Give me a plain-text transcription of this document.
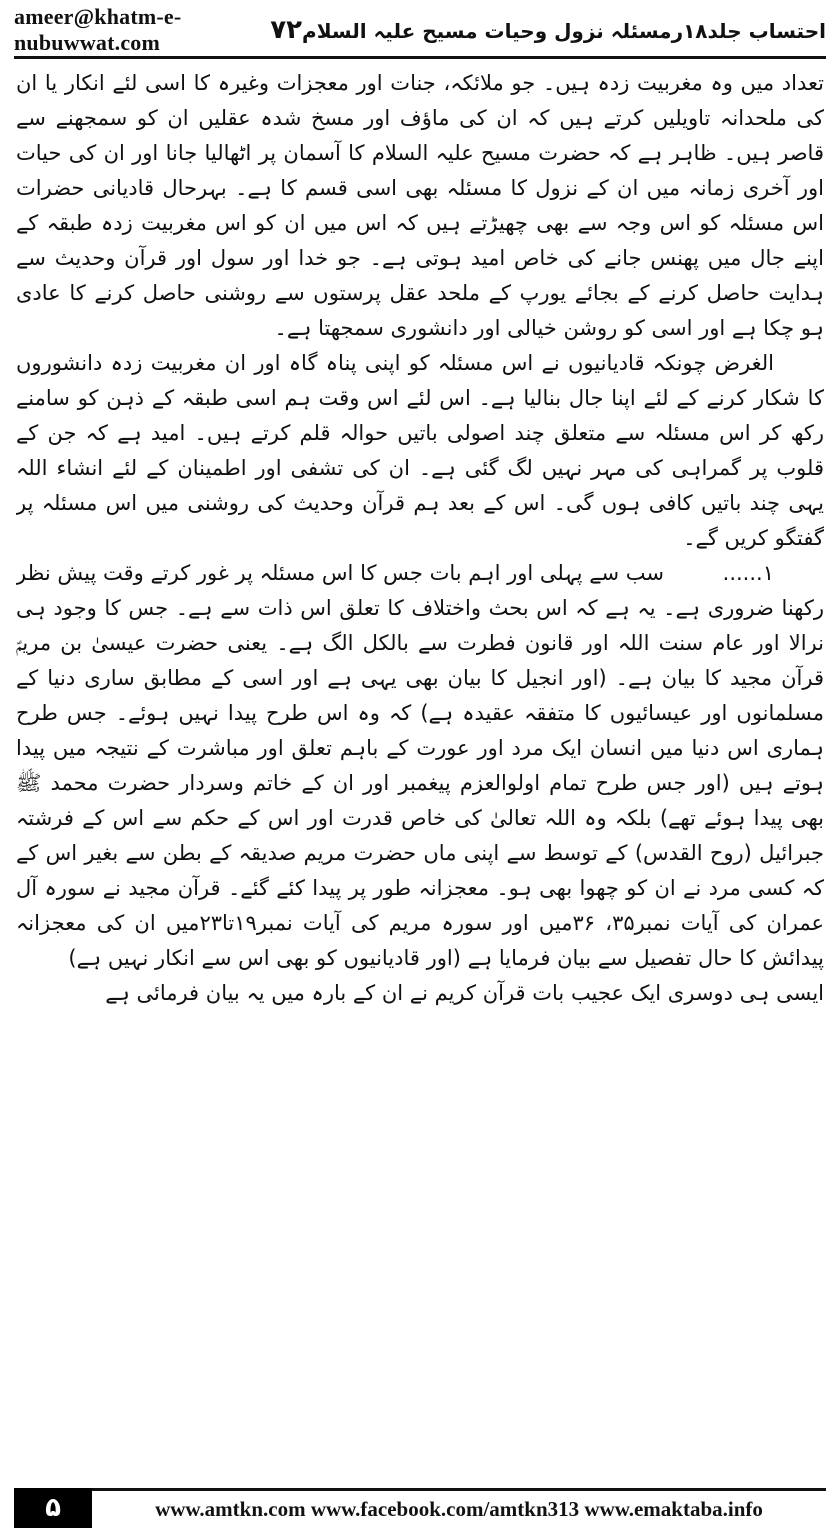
ameer@khatm-e-nubuwwat.com	احتساب جلد۱۸رمسئلہ نزول وحیات مسیح علیہ السلام۷۲

تعداد میں وہ مغربیت زدہ ہیں۔ جو ملائکہ، جنات اور معجزات وغیرہ کا اسی لئے انکار یا ان کی ملحدانہ تاویلیں کرتے ہیں کہ ان کی ماؤف اور مسخ شدہ عقلیں ان کو سمجھنے سے قاصر ہیں۔ ظاہر ہے کہ حضرت مسیح علیہ السلام کا آسمان پر اٹھالیا جانا اور ان کی حیات اور آخری زمانہ میں ان کے نزول کا مسئلہ بھی اسی قسم کا ہے۔ بہرحال قادیانی حضرات اس مسئلہ کو اس وجہ سے بھی چھیڑتے ہیں کہ اس میں ان کو اس مغربیت زدہ طبقہ کے اپنے جال میں پھنس جانے کی خاص امید ہوتی ہے۔ جو خدا اور سول اور قرآن وحدیث سے ہدایت حاصل کرنے کے بجائے یورپ کے ملحد عقل پرستوں سے روشنی حاصل کرنے کا عادی ہو چکا ہے اور اسی کو روشن خیالی اور دانشوری سمجھتا ہے۔

الغرض چونکہ قادیانیوں نے اس مسئلہ کو اپنی پناہ گاہ اور ان مغربیت زدہ دانشوروں کا شکار کرنے کے لئے اپنا جال بنالیا ہے۔ اس لئے اس وقت ہم اسی طبقہ کے ذہن کو سامنے رکھ کر اس مسئلہ سے متعلق چند اصولی باتیں حوالہ قلم کرتے ہیں۔ امید ہے کہ جن کے قلوب پر گمراہی کی مہر نہیں لگ گئی ہے۔ ان کی تشفی اور اطمینان کے لئے انشاء اللہ یہی چند باتیں کافی ہوں گی۔ اس کے بعد ہم قرآن وحدیث کی روشنی میں اس مسئلہ پر گفتگو کریں گے۔

۱......سب سے پہلی اور اہم بات جس کا اس مسئلہ پر غور کرتے وقت پیش نظر رکھنا ضروری ہے۔ یہ ہے کہ اس بحث واختلاف کا تعلق اس ذات سے ہے۔ جس کا وجود ہی نرالا اور عام سنت اللہ اور قانون فطرت سے بالکل الگ ہے۔ یعنی حضرت عیسیٰ بن مریمؑ قرآن مجید کا بیان ہے۔ (اور انجیل کا بیان بھی یہی ہے اور اسی کے مطابق ساری دنیا کے مسلمانوں اور عیسائیوں کا متفقہ عقیدہ ہے) کہ وہ اس طرح پیدا نہیں ہوئے۔ جس طرح ہماری اس دنیا میں انسان ایک مرد اور عورت کے باہم تعلق اور مباشرت کے نتیجہ میں پیدا ہوتے ہیں (اور جس طرح تمام اولوالعزم پیغمبر اور ان کے خاتم وسردار حضرت محمد ﷺ بھی پیدا ہوئے تھے) بلکہ وہ اللہ تعالیٰ کی خاص قدرت اور اس کے حکم سے اس کے فرشتہ جبرائیل (روح القدس) کے توسط سے اپنی ماں حضرت مریم صدیقہ کے بطن سے بغیر اس کے کہ کسی مرد نے ان کو چھوا بھی ہو۔ معجزانہ طور پر پیدا کئے گئے۔ قرآن مجید نے سورہ آل عمران کی آیات نمبر۳۵، ۳۶میں اور سورہ مریم کی آیات نمبر۱۹تا۲۳میں ان کی معجزانہ پیدائش کا حال تفصیل سے بیان فرمایا ہے (اور قادیانیوں کو بھی اس سے انکار نہیں ہے)

ایسی ہی دوسری ایک عجیب بات قرآن کریم نے ان کے بارہ میں یہ بیان فرمائی ہے

۵	www.amtkn.com www.facebook.com/amtkn313 www.emaktaba.info
